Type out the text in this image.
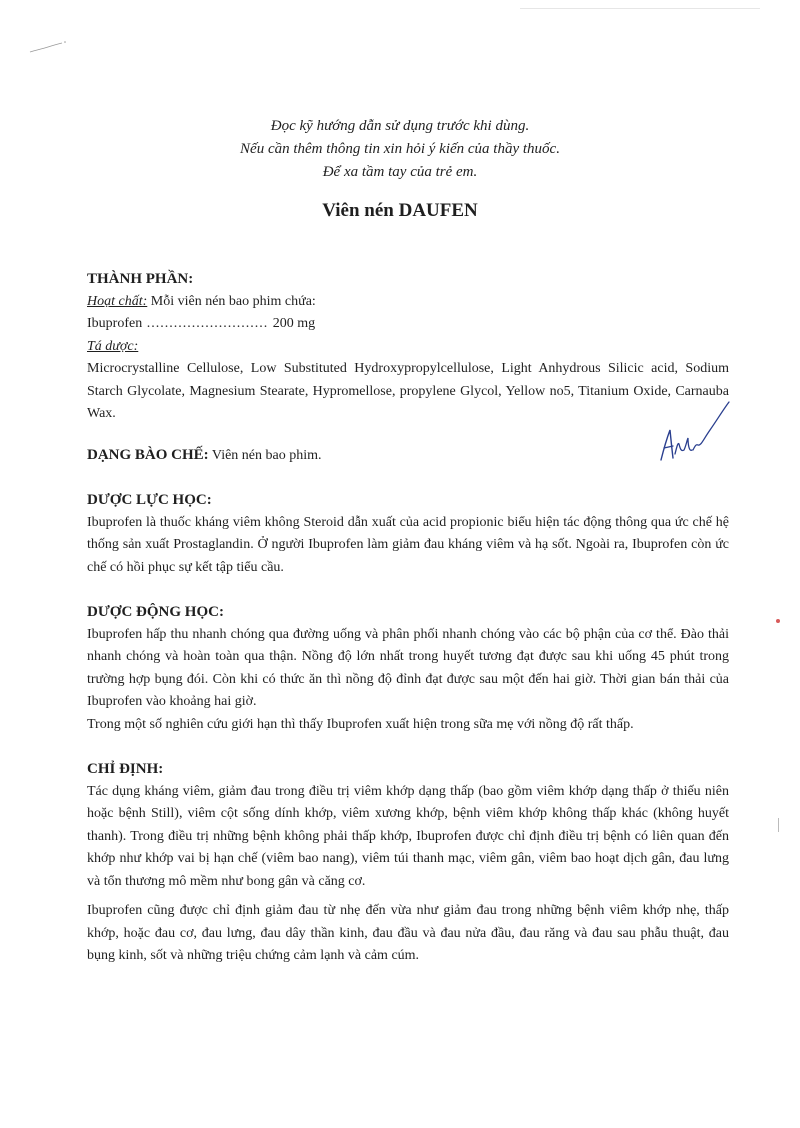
Đọc kỹ hướng dẫn sử dụng trước khi dùng.
Nếu cần thêm thông tin xin hỏi ý kiến của thầy thuốc.
Để xa tầm tay của trẻ em.
Viên nén DAUFEN
THÀNH PHẦN:
Hoạt chất: Mỗi viên nén bao phim chứa:
Ibuprofen ........................... 200 mg
Tá dược:
Microcrystalline Cellulose, Low Substituted Hydroxypropylcellulose, Light Anhydrous Silicic acid, Sodium Starch Glycolate, Magnesium Stearate, Hypromellose, propylene Glycol, Yellow no5, Titanium Oxide, Carnauba Wax.
DẠNG BÀO CHẾ: Viên nén bao phim.
DƯỢC LỰC HỌC:
Ibuprofen là thuốc kháng viêm không Steroid dẫn xuất của acid propionic biểu hiện tác động thông qua ức chế hệ thống sản xuất Prostaglandin. Ở người Ibuprofen làm giảm đau kháng viêm và hạ sốt. Ngoài ra, Ibuprofen còn ức chế có hồi phục sự kết tập tiểu cầu.
DƯỢC ĐỘNG HỌC:
Ibuprofen hấp thu nhanh chóng qua đường uống và phân phối nhanh chóng vào các bộ phận của cơ thể. Đào thải nhanh chóng và hoàn toàn qua thận. Nồng độ lớn nhất trong huyết tương đạt được sau khi uống 45 phút trong trường hợp bụng đói. Còn khi có thức ăn thì nồng độ đỉnh đạt được sau một đến hai giờ. Thời gian bán thải của Ibuprofen vào khoảng hai giờ.
Trong một số nghiên cứu giới hạn thì thấy Ibuprofen xuất hiện trong sữa mẹ với nồng độ rất thấp.
CHỈ ĐỊNH:
Tác dụng kháng viêm, giảm đau trong điều trị viêm khớp dạng thấp (bao gồm viêm khớp dạng thấp ở thiếu niên hoặc bệnh Still), viêm cột sống dính khớp, viêm xương khớp, bệnh viêm khớp không thấp khác (không huyết thanh). Trong điều trị những bệnh không phải thấp khớp, Ibuprofen được chỉ định điều trị bệnh có liên quan đến khớp như khớp vai bị hạn chế (viêm bao nang), viêm túi thanh mạc, viêm gân, viêm bao hoạt dịch gân, đau lưng và tổn thương mô mềm như bong gân và căng cơ.
Ibuprofen cũng được chỉ định giảm đau từ nhẹ đến vừa như giảm đau trong những bệnh viêm khớp nhẹ, thấp khớp, hoặc đau cơ, đau lưng, đau dây thần kinh, đau đầu và đau nửa đầu, đau răng và đau sau phẫu thuật, đau bụng kinh, sốt và những triệu chứng cảm lạnh và cảm cúm.
